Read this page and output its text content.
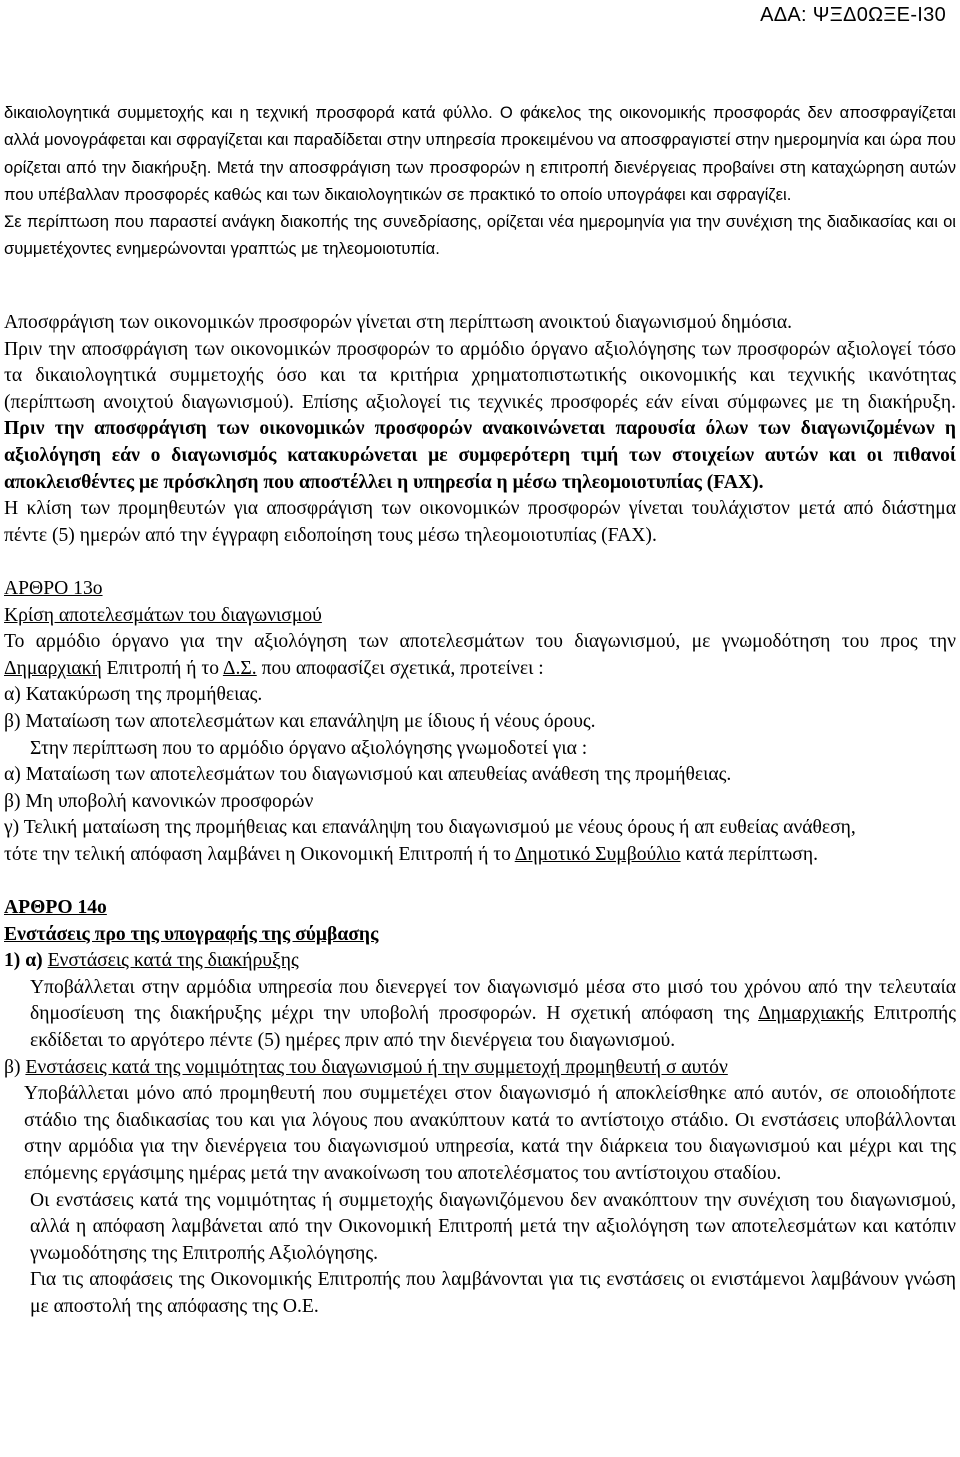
ΑΔΑ: ΨΞΔ0ΩΞΕ-Ι30

δικαιολογητικά συμμετοχής και η τεχνική προσφορά κατά φύλλο. Ο φάκελος της οικονομικής προσφοράς δεν αποσφραγίζεται αλλά μονογράφεται και σφραγίζεται και παραδίδεται στην υπηρεσία προκειμένου να αποσφραγιστεί στην ημερομηνία και ώρα που ορίζεται από την διακήρυξη. Μετά την αποσφράγιση των προσφορών η επιτροπή διενέργειας προβαίνει στη καταχώρηση αυτών που υπέβαλλαν προσφορές καθώς και των δικαιολογητικών σε πρακτικό το οποίο υπογράφει και σφραγίζει.

Σε περίπτωση που παραστεί ανάγκη διακοπής της συνεδρίασης, ορίζεται νέα ημερομηνία για την συνέχιση της διαδικασίας και οι συμμετέχοντες ενημερώνονται γραπτώς με τηλεομοιοτυπία.

Αποσφράγιση των οικονομικών προσφορών γίνεται στη περίπτωση ανοικτού διαγωνισμού δημόσια.

Πριν την αποσφράγιση των οικονομικών προσφορών το αρμόδιο όργανο αξιολόγησης των προσφορών αξιολογεί τόσο τα δικαιολογητικά συμμετοχής όσο και τα κριτήρια χρηματοπιστωτικής οικονομικής και τεχνικής ικανότητας (περίπτωση ανοιχτού διαγωνισμού). Επίσης αξιολογεί τις τεχνικές προσφορές εάν είναι σύμφωνες με τη διακήρυξη. Πριν την αποσφράγιση των οικονομικών προσφορών ανακοινώνεται παρουσία όλων των διαγωνιζομένων η αξιολόγηση εάν ο διαγωνισμός κατακυρώνεται με συμφερότερη τιμή των στοιχείων αυτών και οι πιθανοί αποκλεισθέντες με πρόσκληση που αποστέλλει η υπηρεσία η μέσω τηλεομοιοτυπίας (FAX).

Η κλίση των προμηθευτών για αποσφράγιση των οικονομικών προσφορών γίνεται τουλάχιστον μετά από διάστημα πέντε (5) ημερών από την έγγραφη ειδοποίηση τους μέσω τηλεομοιοτυπίας (FAX).

ΑΡΘΡΟ 13ο

Κρίση αποτελεσμάτων του διαγωνισμού

Το αρμόδιο όργανο για την αξιολόγηση των αποτελεσμάτων του διαγωνισμού, με γνωμοδότηση του προς την Δημαρχιακή Επιτροπή ή το Δ.Σ. που αποφασίζει σχετικά, προτείνει :

α) Κατακύρωση της προμήθειας.

β) Ματαίωση των αποτελεσμάτων και επανάληψη με ίδιους ή νέους όρους.

Στην περίπτωση που το αρμόδιο όργανο αξιολόγησης γνωμοδοτεί για :

α) Ματαίωση των αποτελεσμάτων του διαγωνισμού και απευθείας ανάθεση της προμήθειας.

β) Μη υποβολή κανονικών προσφορών

γ) Τελική ματαίωση της προμήθειας και επανάληψη του διαγωνισμού με νέους όρους ή απ ευθείας ανάθεση,

τότε την τελική απόφαση λαμβάνει η Οικονομική Επιτροπή ή το Δημοτικό Συμβούλιο κατά περίπτωση.

ΑΡΘΡΟ 14ο

Ενστάσεις προ της υπογραφής της σύμβασης

1) α) Ενστάσεις κατά της διακήρυξης

Υποβάλλεται στην αρμόδια υπηρεσία που διενεργεί τον διαγωνισμό μέσα στο μισό του χρόνου από την τελευταία δημοσίευση της διακήρυξης μέχρι την υποβολή προσφορών. Η σχετική απόφαση της Δημαρχιακής Επιτροπής εκδίδεται το αργότερο πέντε (5) ημέρες πριν από την διενέργεια του διαγωνισμού.

β) Ενστάσεις κατά της νομιμότητας του διαγωνισμού ή την συμμετοχή προμηθευτή σ αυτόν

Υποβάλλεται μόνο από προμηθευτή που συμμετέχει στον διαγωνισμό ή αποκλείσθηκε από αυτόν, σε οποιοδήποτε στάδιο της διαδικασίας του και για λόγους που ανακύπτουν κατά το αντίστοιχο στάδιο. Οι ενστάσεις υποβάλλονται στην αρμόδια για την διενέργεια του διαγωνισμού υπηρεσία, κατά την διάρκεια του διαγωνισμού και μέχρι και της επόμενης εργάσιμης ημέρας μετά την ανακοίνωση του αποτελέσματος του αντίστοιχου σταδίου.

Οι ενστάσεις κατά της νομιμότητας ή συμμετοχής διαγωνιζόμενου δεν ανακόπτουν την συνέχιση του διαγωνισμού, αλλά η απόφαση λαμβάνεται από την Οικονομική Επιτροπή μετά την αξιολόγηση των αποτελεσμάτων και κατόπιν γνωμοδότησης της Επιτροπής Αξιολόγησης.

Για τις αποφάσεις της Οικονομικής Επιτροπής που λαμβάνονται για τις ενστάσεις οι ενιστάμενοι λαμβάνουν γνώση με αποστολή της απόφασης της Ο.Ε.
